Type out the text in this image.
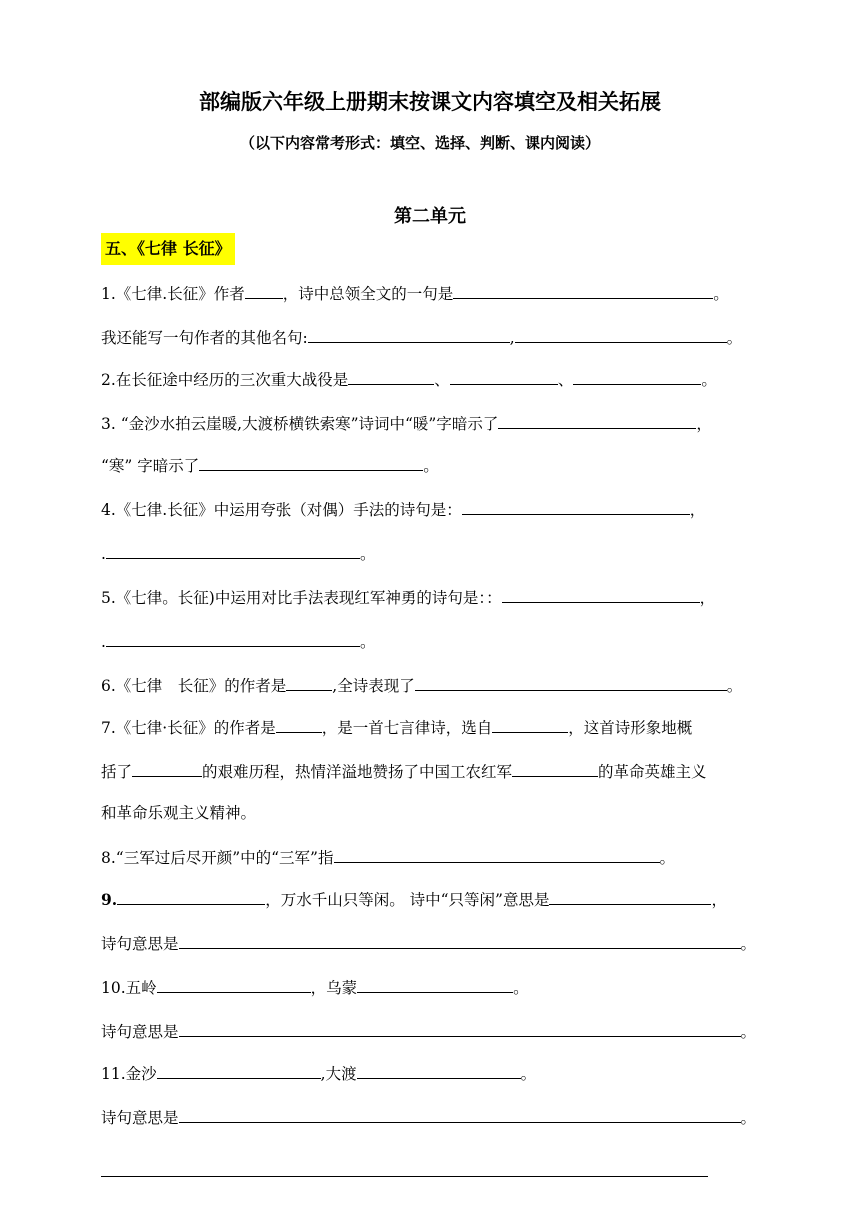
部编版六年级上册期末按课文内容填空及相关拓展
（以下内容常考形式：填空、选择、判断、课内阅读）
第二单元
五、《七律 长征》
1.《七律.长征》作者 ，诗中总领全文的一句是	。
我还能写一句作者的其他名句:	,	。
2.在长征途中经历的三次重大战役是	、	、	。
3. “金沙水拍云崖暖,大渡桥横铁索寒”诗词中“暖”字暗示了	，
“寒” 字暗示了	。
4.《七律.长征》中运用夸张（对偶）手法的诗句是：	，
.	。
5.《七律。长征)中运用对比手法表现红军神勇的诗句是：：	，
.	。
6.《七律　长征》的作者是	,全诗表现了	。
7.《七律·长征》的作者是	，是一首七言律诗，选自	，这首诗形象地概
括了	的艰难历程，热情洋溢地赞扬了中国工农红军	的革命英雄主义
和革命乐观主义精神。
8.“三军过后尽开颜”中的“三军”指	。
9.	，万水千山只等闲。 诗中“只等闲”意思是	，
诗句意思是	。
10.五岭	，乌蒙	。
诗句意思是	。
11.金沙	,大渡	。
诗句意思是	。
